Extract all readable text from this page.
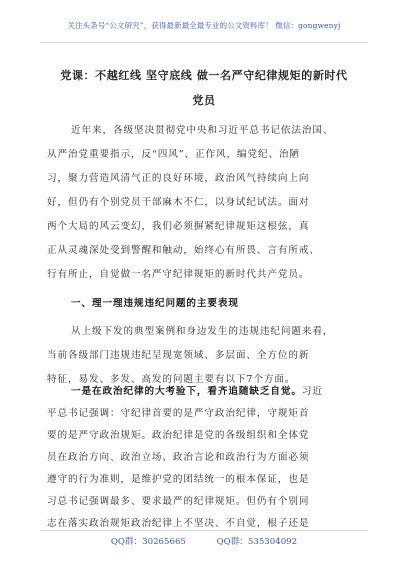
关注头条号“公文研究”，获得最新最全最专业的公文资料库！ 微信：gongwenyj
党课：不越红线 坚守底线 做一名严守纪律规矩的新时代
党员
近年来，各级坚决贯彻党中央和习近平总书记依法治国、
从严治党重要指示，反“四风”、正作风，编党纪、治陋
习，聚力营造风清气正的良好环境，政治风气持续向上向
好，但仍有个别党员干部麻木不仁，以身试纪试法。面对
两个大局的风云变幻，我们必须摒紧纪律规矩这根弦，真
正从灵魂深处受到警醒和触动，始终心有所畏、言有所戒、
行有所止，自觉做一名严守纪律规矩的新时代共产党员。
一、理一理违规违纪问题的主要表现
从上级下发的典型案例和身边发生的违规违纪问题来看，
当前各级部门违规违纪呈现宽领域、多层面、全方位的新
特征，易发、多发、高发的问题主要有以下7个方面。
一是在政治纪律的大考验下，看齐追随缺乏自觉。习近
平总书记强调：守纪律首要的是严守政治纪律，守规矩首
要的是严守政治规矩。政治纪律是党的各级组织和全体党
员在政治方向、政治立场、政治言论和政治行为方面必须
遵守的行为准则，是维护党的团结统一的根本保证，也是
习总书记强调最多、要求最严的纪律规矩。但仍有个别同
QQ群：30265665	QQ群：535304092
志在落实政治规矩政治纪律上不坚决、不自觉，根子还是
